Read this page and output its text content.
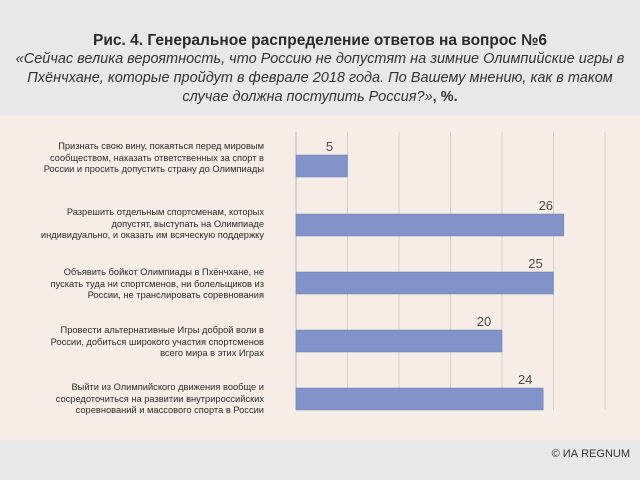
Рис. 4. Генеральное распределение ответов на вопрос №6
«Сейчас велика вероятность, что Россию не допустят на зимние Олимпийские игры в Пхёнчхане, которые пройдут в феврале 2018 года. По Вашему мнению, как в таком случае должна поступить Россия?», %.
Признать свою вину, покаяться перед мировым сообществом, наказать ответственных за спорт в России и просить допустить страну до Олимпиады
Разрешить отдельным спортсменам, которых допустят, выступать на Олимпиаде индивидуально, и оказать им всяческую поддержку
Объявить бойкот Олимпиады в Пхёнчхане, не пускать туда ни спортсменов, ни болельщиков из России, не транслировать соревнования
Провести альтернативные Игры доброй воли в России, добиться широкого участия спортсменов всего мира в этих Играх
Выйти из Олимпийского движения вообще и сосредоточиться на развитии внутрироссийских соревнований и массового спорта в России
5
26
25
20
24
© ИА REGNUM
